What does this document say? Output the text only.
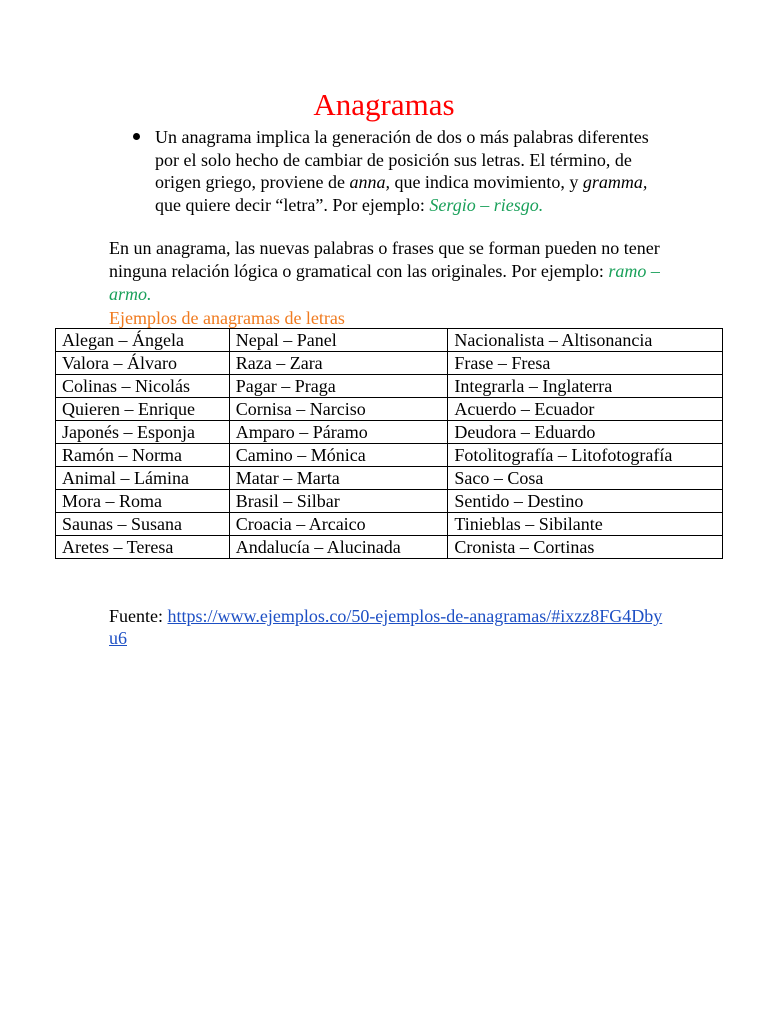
Anagramas
Un anagrama implica la generación de dos o más palabras diferentes por el solo hecho de cambiar de posición sus letras. El término, de origen griego, proviene de anna, que indica movimiento, y gramma, que quiere decir “letra”. Por ejemplo: Sergio – riesgo.
En un anagrama, las nuevas palabras o frases que se forman pueden no tener ninguna relación lógica o gramatical con las originales. Por ejemplo: ramo – armo.
Ejemplos de anagramas de letras
Alegan – Ángela	Nepal – Panel	Nacionalista – Altisonancia
Valora – Álvaro	Raza – Zara	Frase – Fresa
Colinas – Nicolás	Pagar – Praga	Integrarla – Inglaterra
Quieren – Enrique	Cornisa – Narciso	Acuerdo – Ecuador
Japonés – Esponja	Amparo – Páramo	Deudora – Eduardo
Ramón – Norma	Camino – Mónica	Fotolitografía – Litofotografía
Animal – Lámina	Matar – Marta	Saco – Cosa
Mora – Roma	Brasil – Silbar	Sentido – Destino
Saunas – Susana	Croacia – Arcaico	Tinieblas – Sibilante
Aretes – Teresa	Andalucía – Alucinada	Cronista – Cortinas
Fuente: https://www.ejemplos.co/50-ejemplos-de-anagramas/#ixzz8FG4Dbyu6
